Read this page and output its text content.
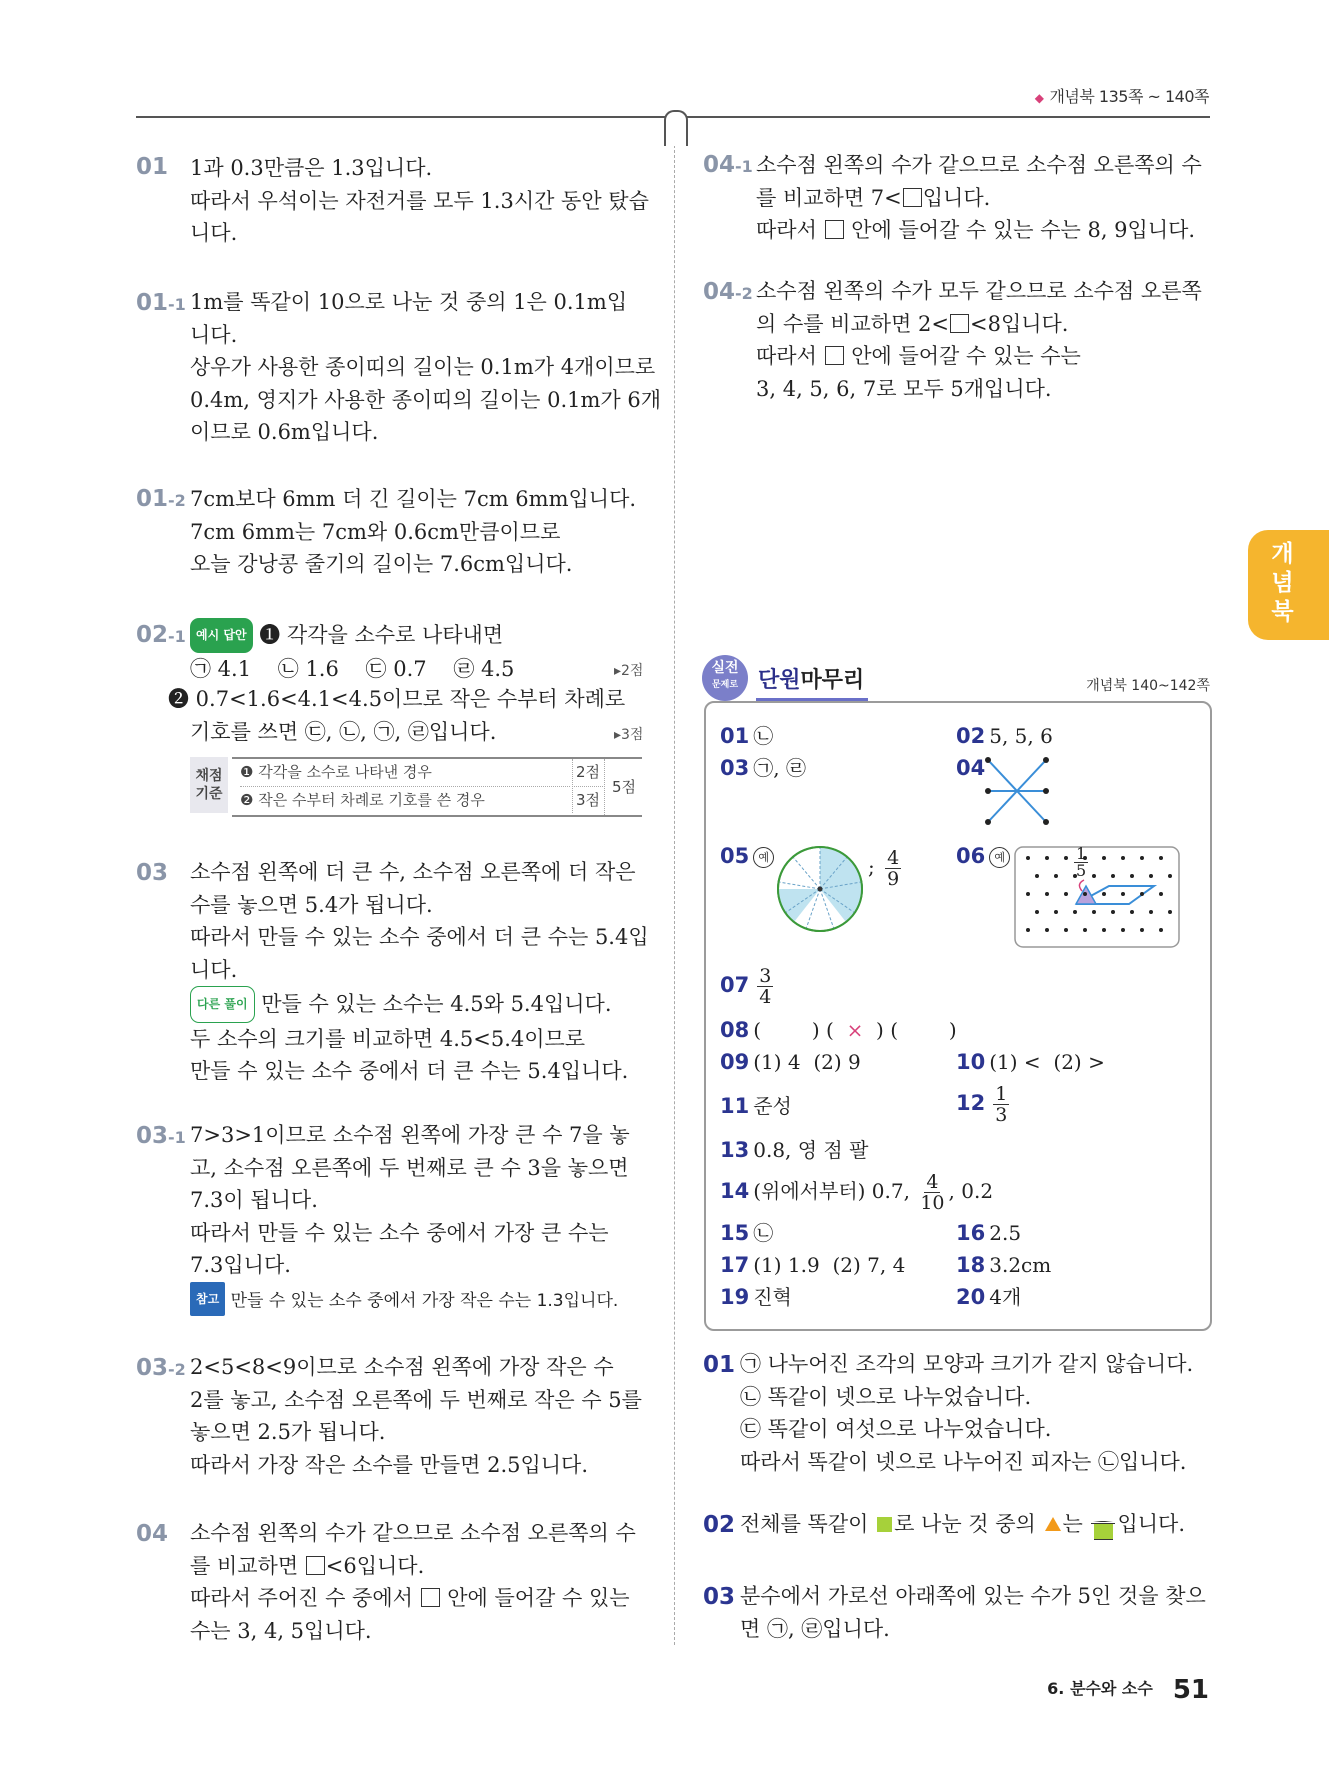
◆ 개념북 135쪽 ~ 140쪽
개
념
북
01 1과 0.3만큼은 1.3입니다.
따라서 우석이는 자전거를 모두 1.3시간 동안 탔습
니다.
01-1 1m를 똑같이 10으로 나눈 것 중의 1은 0.1m입
니다.
상우가 사용한 종이띠의 길이는 0.1m가 4개이므로
0.4m, 영지가 사용한 종이띠의 길이는 0.1m가 6개
이므로 0.6m입니다.
01-2 7cm보다 6mm 더 긴 길이는 7cm 6mm입니다.
7cm 6mm는 7cm와 0.6cm만큼이므로
오늘 강낭콩 줄기의 길이는 7.6cm입니다.
02-1 예시 답안 ❶ 각각을 소수로 나타내면
㉠ 4.1    ㉡ 1.6    ㉢ 0.7    ㉣ 4.5
❷ 0.7<1.6<4.1<4.5이므로 작은 수부터 차례로
기호를 쓰면 ㉢, ㉡, ㉠, ㉣입니다.
▸2점
▸3점
채점
기준
❶ 각각을 소수로 나타낸 경우	2점
❷ 작은 수부터 차례로 기호를 쓴 경우	3점
5점
03 소수점 왼쪽에 더 큰 수, 소수점 오른쪽에 더 작은
수를 놓으면 5.4가 됩니다.
따라서 만들 수 있는 소수 중에서 더 큰 수는 5.4입
니다.
다른 풀이 만들 수 있는 소수는 4.5와 5.4입니다.
두 소수의 크기를 비교하면 4.5<5.4이므로
만들 수 있는 소수 중에서 더 큰 수는 5.4입니다.
03-1 7>3>1이므로 소수점 왼쪽에 가장 큰 수 7을 놓
고, 소수점 오른쪽에 두 번째로 큰 수 3을 놓으면
7.3이 됩니다.
따라서 만들 수 있는 소수 중에서 가장 큰 수는
7.3입니다.
참고 만들 수 있는 소수 중에서 가장 작은 수는 1.3입니다.
03-2 2<5<8<9이므로 소수점 왼쪽에 가장 작은 수
2를 놓고, 소수점 오른쪽에 두 번째로 작은 수 5를
놓으면 2.5가 됩니다.
따라서 가장 작은 소수를 만들면 2.5입니다.
04 소수점 왼쪽의 수가 같으므로 소수점 오른쪽의 수
를 비교하면 <6입니다.
따라서 주어진 수 중에서  안에 들어갈 수 있는
수는 3, 4, 5입니다.
04-1 소수점 왼쪽의 수가 같으므로 소수점 오른쪽의 수
를 비교하면 7< 입니다.
따라서  안에 들어갈 수 있는 수는 8, 9입니다.
04-2 소수점 왼쪽의 수가 모두 같으므로 소수점 오른쪽
의 수를 비교하면 2< <8입니다.
따라서  안에 들어갈 수 있는 수는
3, 4, 5, 6, 7로 모두 5개입니다.
실전
문제로 단원마무리	개념북 140~142쪽
01 ㉡	02 5, 5, 6
03 ㉠, ㉣	04
05 예	; $\frac{4}{9}$	06 예	$\frac{1}{5}$
$07 \frac{3}{4}$
08 (        ) (  ×  ) (        )
09 (1) 4  (2) 9	10 (1) <  (2) >
11 준성	$12 \frac{1}{3}$
13 0.8, 영 점 팔
14 (위에서부터) 0.7, $\frac{4}{10}$ , 0.2
15 ㉡	16 2.5
17 (1) 1.9  (2) 7, 4 18 3.2cm
19 진혁	20 4개
01 ㉠ 나누어진 조각의 모양과 크기가 같지 않습니다.
㉡ 똑같이 넷으로 나누었습니다.
㉢ 똑같이 여섯으로 나누었습니다.
따라서 똑같이 넷으로 나누어진 피자는 ㉡입니다.
02 전체를 똑같이 로 나눈 것 중의 는
입니다.
03 분수에서 가로선 아래쪽에 있는 수가 5인 것을 찾으
면 ㉠, ㉣입니다.
6. 분수와 소수 51
